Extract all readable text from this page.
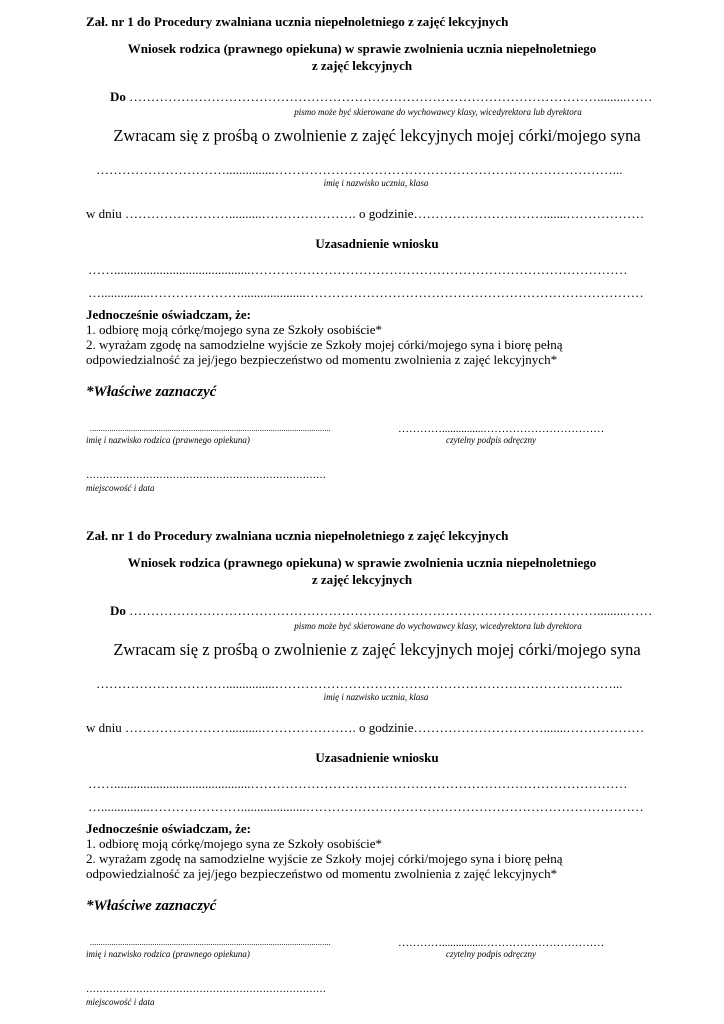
Zał. nr 1 do Procedury zwalniana ucznia niepełnoletniego z zajęć lekcyjnych
Wniosek rodzica (prawnego opiekuna) w sprawie zwolnienia ucznia niepełnoletniego
z zajęć lekcyjnych
Do ……………………………………………………………………………………………….........……
pismo może być skierowane do wychowawcy klasy, wicedyrektora lub dyrektora
Zwracam się z prośbą o zwolnienie z zajęć lekcyjnych mojej córki/mojego syna
…………………………...............……………………………………………………………………...
imię i nazwisko ucznia, klasa
w dniu ……………………..........…………………. o godzinie………………………….......………………
Uzasadnienie wniosku
……..........................................……………………………………………………………………………
…...............…………………....................……………………………………………………………………
Jednocześnie oświadczam, że:
1. odbiorę moją córkę/mojego syna ze Szkoły osobiście*
2. wyrażam zgodę na samodzielne wyjście ze Szkoły mojej córki/mojego syna i biorę pełną
odpowiedzialność za jej/jego bezpieczeństwo od momentu zwolnienia z zajęć lekcyjnych*
*Właściwe zaznaczyć
................................................................................................................
imię i nazwisko rodzica (prawnego opiekuna)
…………...............……………………………
czytelny podpis odręczny
………………………………………………………………
miejscowość i data
Zał. nr 1 do Procedury zwalniana ucznia niepełnoletniego z zajęć lekcyjnych
Wniosek rodzica (prawnego opiekuna) w sprawie zwolnienia ucznia niepełnoletniego
z zajęć lekcyjnych
Do ……………………………………………………………………………………………….........……
pismo może być skierowane do wychowawcy klasy, wicedyrektora lub dyrektora
Zwracam się z prośbą o zwolnienie z zajęć lekcyjnych mojej córki/mojego syna
…………………………...............……………………………………………………………………...
imię i nazwisko ucznia, klasa
w dniu ……………………..........…………………. o godzinie………………………….......………………
Uzasadnienie wniosku
……..........................................……………………………………………………………………………
…...............…………………....................……………………………………………………………………
Jednocześnie oświadczam, że:
1. odbiorę moją córkę/mojego syna ze Szkoły osobiście*
2. wyrażam zgodę na samodzielne wyjście ze Szkoły mojej córki/mojego syna i biorę pełną
odpowiedzialność za jej/jego bezpieczeństwo od momentu zwolnienia z zajęć lekcyjnych*
*Właściwe zaznaczyć
................................................................................................................
imię i nazwisko rodzica (prawnego opiekuna)
…………...............……………………………
czytelny podpis odręczny
………………………………………………………………
miejscowość i data
